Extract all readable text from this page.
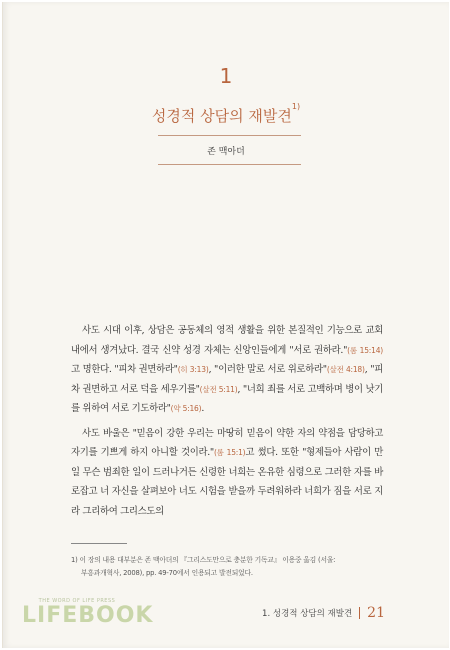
1
성경적 상담의 재발견$^{1)}$
존 맥아더

사도 시대 이후, 상담은 공동체의 영적 생활을 위한 본질적인 기능으로 교회 내에서 생겨났다. 결국 신약 성경 자체는 신앙인들에게 "서로 권하라."(롬 15:14)고 명한다. "피차 권면하라"(히 3:13), "이러한 말로 서로 위로하라"(살전 4:18), "피차 권면하고 서로 덕을 세우기를"(살전 5:11), "너희 죄를 서로 고백하며 병이 낫기를 위하여 서로 기도하라"(약 5:16).

사도 바울은 "믿음이 강한 우리는 마땅히 믿음이 약한 자의 약점을 담당하고 자기를 기쁘게 하지 아니할 것이라."(롬 15:1)고 썼다. 또한 "형제들아 사람이 만일 무슨 범죄한 일이 드러나거든 신령한 너희는 온유한 심령으로 그러한 자를 바로잡고 너 자신을 살펴보아 너도 시험을 받을까 두려워하라 너희가 짐을 서로 지라 그리하여 그리스도의

1) 이 장의 내용 대부분은 존 맥아더의 『그리스도만으로 충분한 기독교』 이용중 옮김 (서울:
부흥과개혁사, 2008), pp. 49-70에서 인용되고 발전되었다.
THE WORD OF LIFE PRESS
LIFEBOOK	1. 성경적 상담의 재발견 21
